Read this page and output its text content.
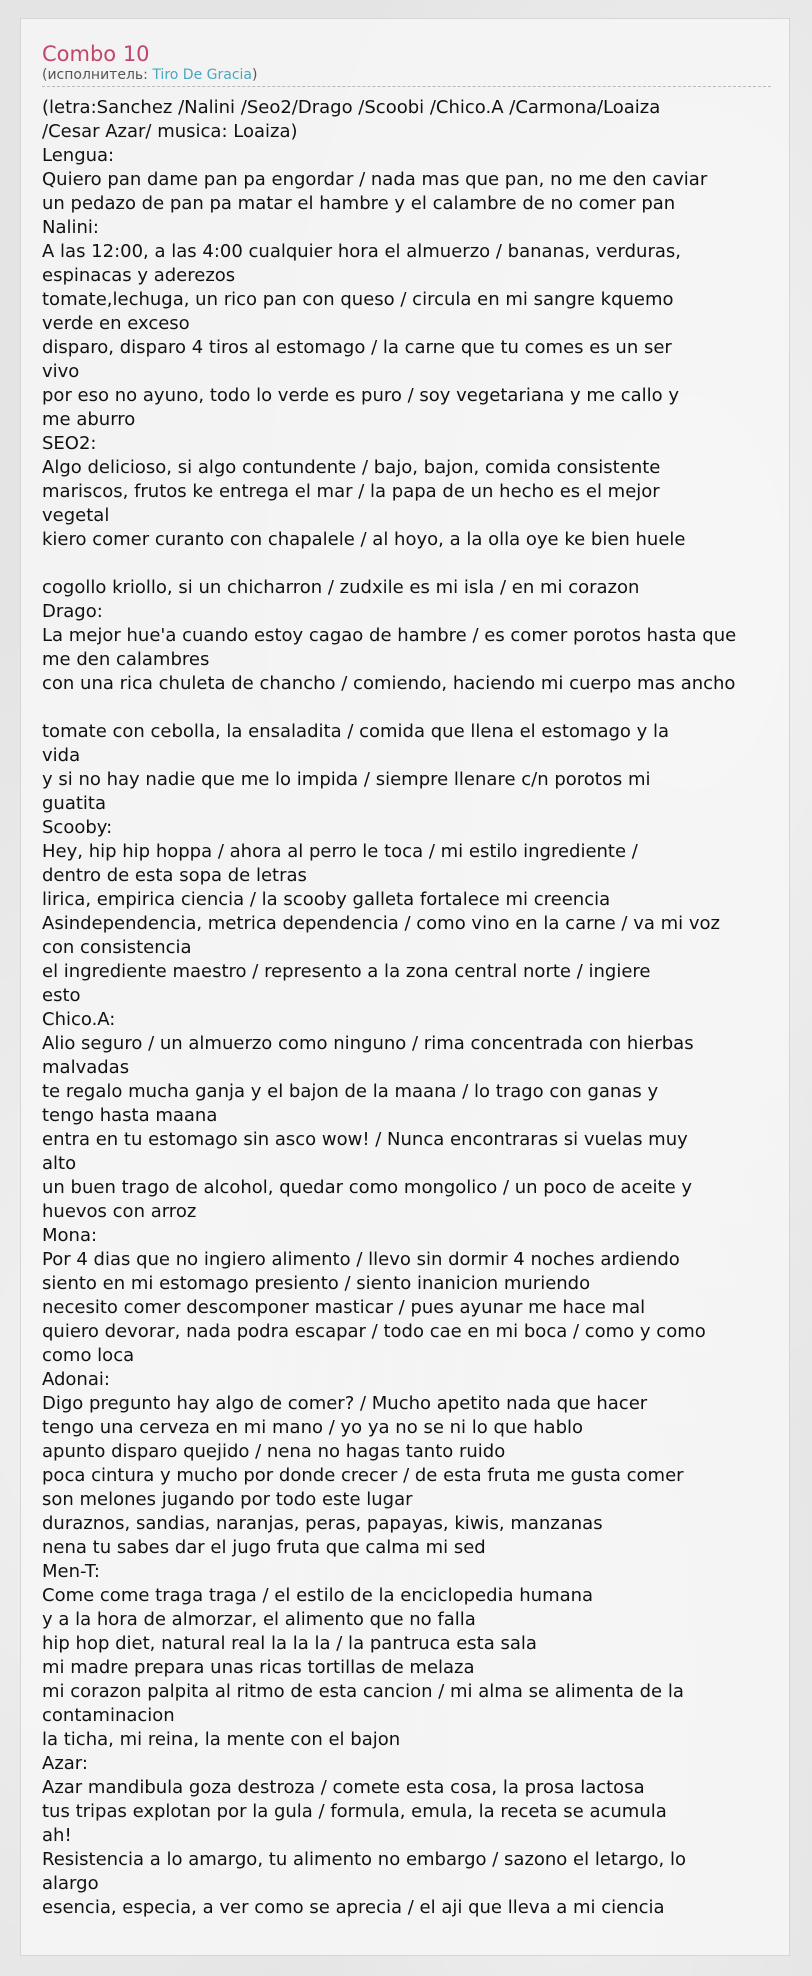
Combo 10
(исполнитель: Tiro De Gracia)
(letra:Sanchez /Nalini /Seo2/Drago /Scoobi /Chico.A /Carmona/Loaiza
/Cesar Azar/ musica: Loaiza)
Lengua:
Quiero pan dame pan pa engordar / nada mas que pan, no me den caviar
un pedazo de pan pa matar el hambre y el calambre de no comer pan
Nalini:
A las 12:00, a las 4:00 cualquier hora el almuerzo / bananas, verduras,
espinacas y aderezos
tomate,lechuga, un rico pan con queso / circula en mi sangre kquemo
verde en exceso
disparo, disparo 4 tiros al estomago / la carne que tu comes es un ser
vivo
por eso no ayuno, todo lo verde es puro / soy vegetariana y me callo y
me aburro
SEO2:
Algo delicioso, si algo contundente / bajo, bajon, comida consistente
mariscos, frutos ke entrega el mar / la papa de un hecho es el mejor
vegetal
kiero comer curanto con chapalele / al hoyo, a la olla oye ke bien huele
cogollo kriollo, si un chicharron / zudxile es mi isla / en mi corazon
Drago:
La mejor hue'a cuando estoy cagao de hambre / es comer porotos hasta que
me den calambres
con una rica chuleta de chancho / comiendo, haciendo mi cuerpo mas ancho
tomate con cebolla, la ensaladita / comida que llena el estomago y la
vida
y si no hay nadie que me lo impida / siempre llenare c/n porotos mi
guatita
Scooby:
Hey, hip hip hoppa / ahora al perro le toca / mi estilo ingrediente /
dentro de esta sopa de letras
lirica, empirica ciencia / la scooby galleta fortalece mi creencia
Asindependencia, metrica dependencia / como vino en la carne / va mi voz
con consistencia
el ingrediente maestro / represento a la zona central norte / ingiere
esto
Chico.A:
Alio seguro / un almuerzo como ninguno / rima concentrada con hierbas
malvadas
te regalo mucha ganja y el bajon de la maana / lo trago con ganas y
tengo hasta maana
entra en tu estomago sin asco wow! / Nunca encontraras si vuelas muy
alto
un buen trago de alcohol, quedar como mongolico / un poco de aceite y
huevos con arroz
Mona:
Por 4 dias que no ingiero alimento / llevo sin dormir 4 noches ardiendo
siento en mi estomago presiento / siento inanicion muriendo
necesito comer descomponer masticar / pues ayunar me hace mal
quiero devorar, nada podra escapar / todo cae en mi boca / como y como
como loca
Adonai:
Digo pregunto hay algo de comer? / Mucho apetito nada que hacer
tengo una cerveza en mi mano / yo ya no se ni lo que hablo
apunto disparo quejido / nena no hagas tanto ruido
poca cintura y mucho por donde crecer / de esta fruta me gusta comer
son melones jugando por todo este lugar
duraznos, sandias, naranjas, peras, papayas, kiwis, manzanas
nena tu sabes dar el jugo fruta que calma mi sed
Men-T:
Come come traga traga / el estilo de la enciclopedia humana
y a la hora de almorzar, el alimento que no falla
hip hop diet, natural real la la la / la pantruca esta sala
mi madre prepara unas ricas tortillas de melaza
mi corazon palpita al ritmo de esta cancion / mi alma se alimenta de la
contaminacion
la ticha, mi reina, la mente con el bajon
Azar:
Azar mandibula goza destroza / comete esta cosa, la prosa lactosa
tus tripas explotan por la gula / formula, emula, la receta se acumula
ah!
Resistencia a lo amargo, tu alimento no embargo / sazono el letargo, lo
alargo
esencia, especia, a ver como se aprecia / el aji que lleva a mi ciencia
